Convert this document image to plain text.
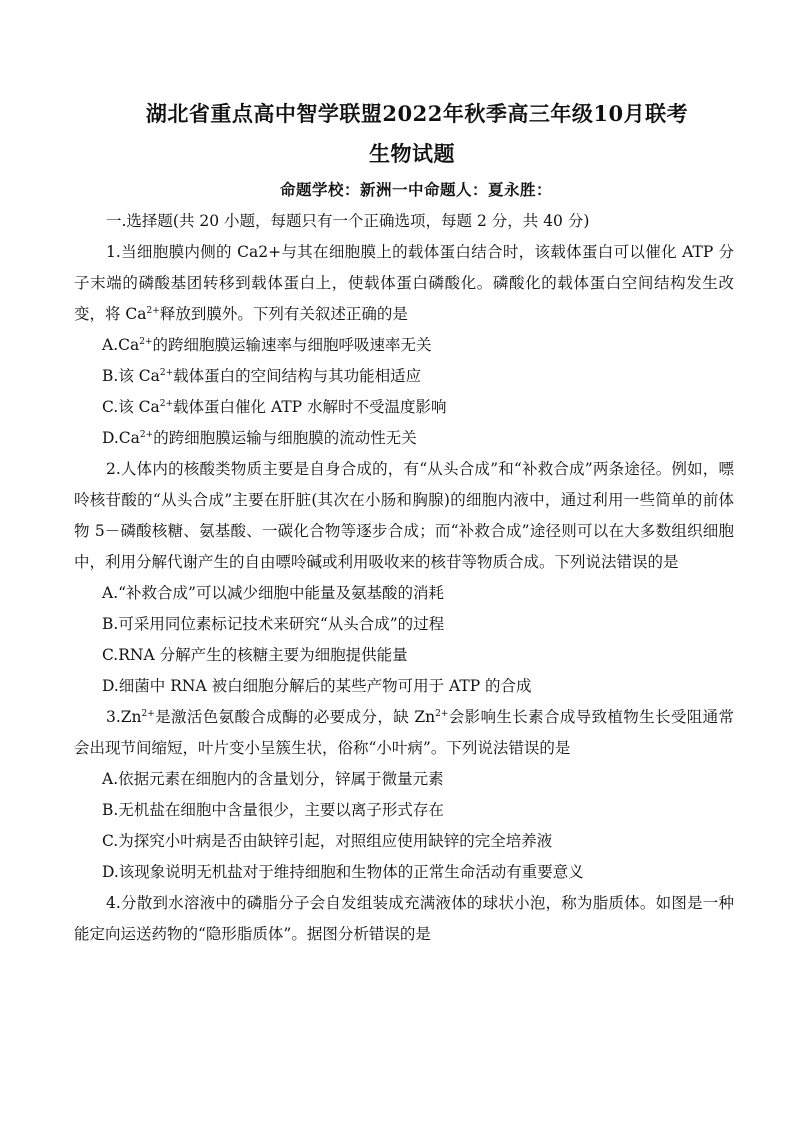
湖北省重点高中智学联盟2022年秋季高三年级10月联考
生物试题
命题学校：新洲一中命题人：夏永胜：

一.选择题(共 20 小题，每题只有一个正确选项，每题 2 分，共 40 分)

1.当细胞膜内侧的 Ca2+与其在细胞膜上的载体蛋白结合时，该载体蛋白可以催化 ATP 分子末端的磷酸基团转移到载体蛋白上，使载体蛋白磷酸化。磷酸化的载体蛋白空间结构发生改变，将 $Ca^{2+}$释放到膜外。下列有关叙述正确的是

$A.Ca^{2+}$的跨细胞膜运输速率与细胞呼吸速率无关

B.该 $Ca^{2+}$载体蛋白的空间结构与其功能相适应

C.该 $Ca^{2+}$载体蛋白催化 ATP 水解时不受温度影响

$D.Ca^{2+}$的跨细胞膜运输与细胞膜的流动性无关

2.人体内的核酸类物质主要是自身合成的，有“从头合成”和“补救合成”两条途径。例如，嘌呤核苷酸的“从头合成”主要在肝脏(其次在小肠和胸腺)的细胞内液中，通过利用一些简单的前体物 5－磷酸核糖、氨基酸、一碳化合物等逐步合成；而“补救合成”途径则可以在大多数组织细胞中，利用分解代谢产生的自由嘌呤碱或利用吸收来的核苷等物质合成。下列说法错误的是

A.“补救合成”可以减少细胞中能量及氨基酸的消耗

B.可采用同位素标记技术来研究“从头合成”的过程

C.RNA 分解产生的核糖主要为细胞提供能量

D.细菌中 RNA 被白细胞分解后的某些产物可用于 ATP 的合成

$3.Zn^{2+}$是激活色氨酸合成酶的必要成分，缺 $Zn^{2+}$会影响生长素合成导致植物生长受阻通常会出现节间缩短，叶片变小呈簇生状，俗称“小叶病”。下列说法错误的是

A.依据元素在细胞内的含量划分，锌属于微量元素

B.无机盐在细胞中含量很少，主要以离子形式存在

C.为探究小叶病是否由缺锌引起，对照组应使用缺锌的完全培养液

D.该现象说明无机盐对于维持细胞和生物体的正常生命活动有重要意义

4.分散到水溶液中的磷脂分子会自发组装成充满液体的球状小泡，称为脂质体。如图是一种能定向运送药物的“隐形脂质体”。据图分析错误的是
